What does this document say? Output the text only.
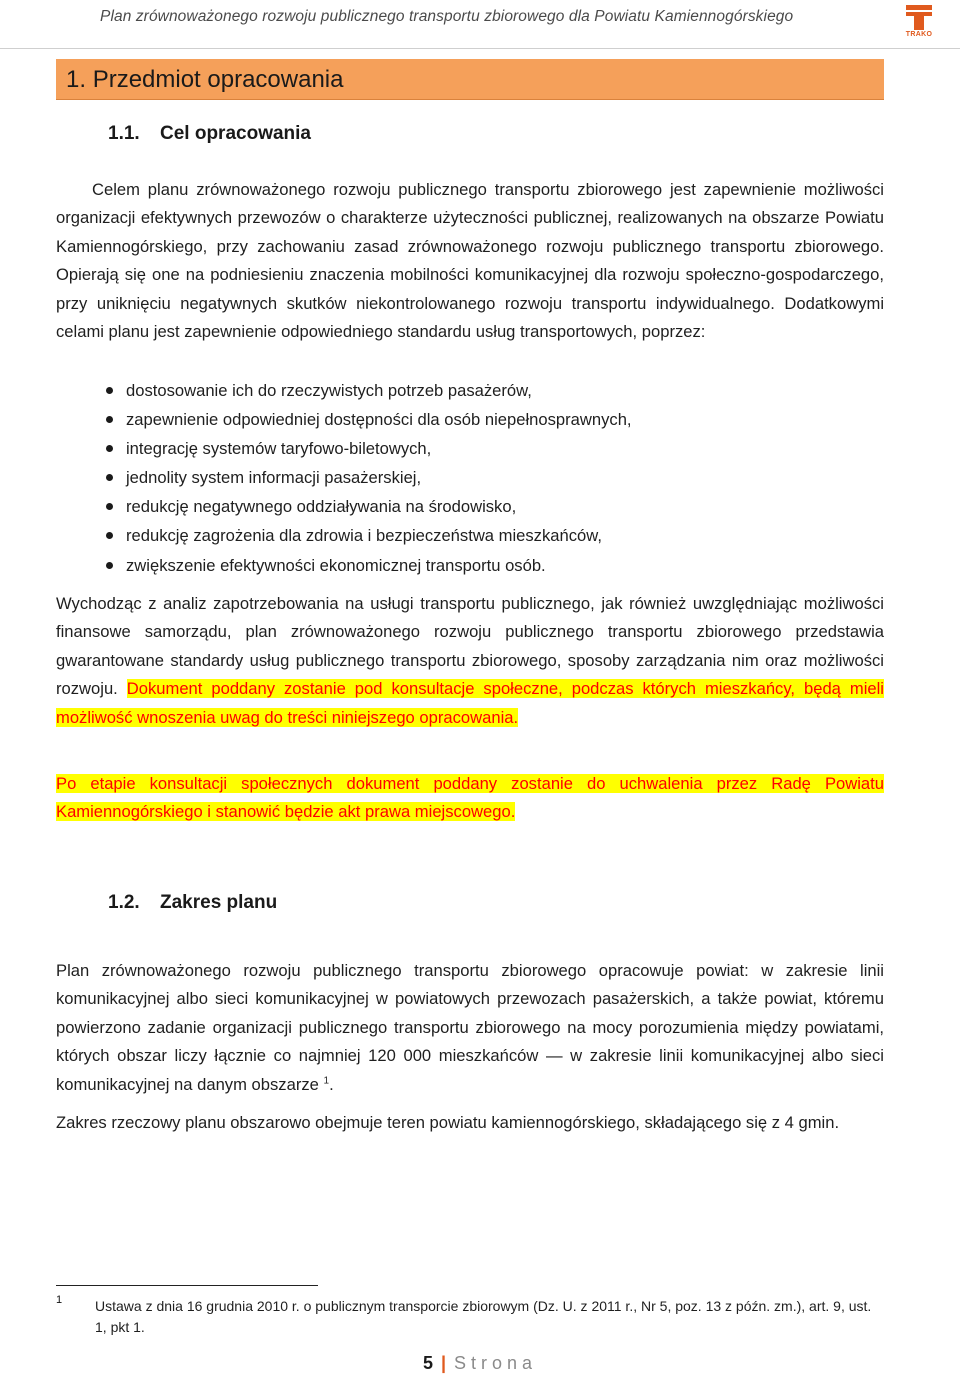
Plan zrównoważonego rozwoju publicznego transportu zbiorowego dla Powiatu Kamiennogórskiego
TRAKO
1. Przedmiot opracowania
1.1. Cel opracowania

Celem planu zrównoważonego rozwoju publicznego transportu zbiorowego jest zapewnienie możliwości organizacji efektywnych przewozów o charakterze użyteczności publicznej, realizowanych na obszarze Powiatu Kamiennogórskiego, przy zachowaniu zasad zrównoważonego rozwoju publicznego transportu zbiorowego. Opierają się one na podniesieniu znaczenia mobilności komunikacyjnej dla rozwoju społeczno-gospodarczego, przy uniknięciu negatywnych skutków niekontrolowanego rozwoju transportu indywidualnego. Dodatkowymi celami planu jest zapewnienie odpowiedniego standardu usług transportowych, poprzez:

dostosowanie ich do rzeczywistych potrzeb pasażerów,
zapewnienie odpowiedniej dostępności dla osób niepełnosprawnych,
integrację systemów taryfowo-biletowych,
jednolity system informacji pasażerskiej,
redukcję negatywnego oddziaływania na środowisko,
redukcję zagrożenia dla zdrowia i bezpieczeństwa mieszkańców,
zwiększenie efektywności ekonomicznej transportu osób.

Wychodząc z analiz zapotrzebowania na usługi transportu publicznego, jak również uwzględniając możliwości finansowe samorządu, plan zrównoważonego rozwoju publicznego transportu zbiorowego przedstawia gwarantowane standardy usług publicznego transportu zbiorowego, sposoby zarządzania nim oraz możliwości rozwoju. Dokument poddany zostanie pod konsultacje społeczne, podczas których mieszkańcy, będą mieli możliwość wnoszenia uwag do treści niniejszego opracowania.

Po etapie konsultacji społecznych dokument poddany zostanie do uchwalenia przez Radę Powiatu Kamiennogórskiego i stanowić będzie akt prawa miejscowego.

1.2. Zakres planu

Plan zrównoważonego rozwoju publicznego transportu zbiorowego opracowuje powiat: w zakresie linii komunikacyjnej albo sieci komunikacyjnej w powiatowych przewozach pasażerskich, a także powiat, któremu powierzono zadanie organizacji publicznego transportu zbiorowego na mocy porozumienia między powiatami, których obszar liczy łącznie co najmniej 120 000 mieszkańców — w zakresie linii komunikacyjnej albo sieci komunikacyjnej na danym obszarze $^1$.

Zakres rzeczowy planu obszarowo obejmuje teren powiatu kamiennogórskiego, składającego się z 4 gmin.

1 Ustawa z dnia 16 grudnia 2010 r. o publicznym transporcie zbiorowym (Dz. U. z 2011 r., Nr 5, poz. 13 z późn. zm.), art. 9, ust. 1, pkt 1.
5 | Strona
